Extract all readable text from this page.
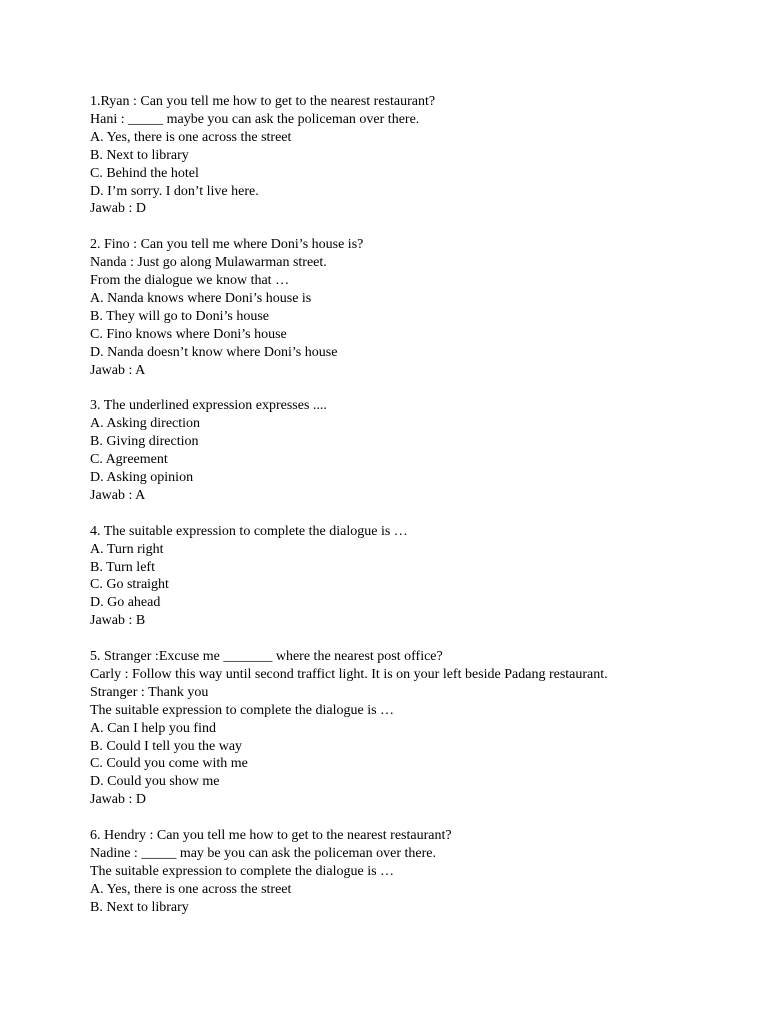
1.Ryan : Can you tell me how to get to the nearest restaurant?
Hani : _____ maybe you can ask the policeman over there.
A. Yes, there is one across the street
B. Next to library
C. Behind the hotel
D. I’m sorry. I don’t live here.
Jawab : D
2. Fino : Can you tell me where Doni’s house is?
Nanda : Just go along Mulawarman street.
From the dialogue we know that …
A. Nanda knows where Doni’s house is
B. They will go to Doni’s house
C. Fino knows where Doni’s house
D. Nanda doesn’t know where Doni’s house
Jawab : A
3. The underlined expression expresses ....
A. Asking direction
B. Giving direction
C. Agreement
D. Asking opinion
Jawab : A
4. The suitable expression to complete the dialogue is …
A. Turn right
B. Turn left
C. Go straight
D. Go ahead
Jawab : B
5. Stranger :Excuse me _______ where the nearest post office?
Carly : Follow this way until second traffict light. It is on your left beside Padang restaurant.
Stranger : Thank you
The suitable expression to complete the dialogue is …
A. Can I help you find
B. Could I tell you the way
C. Could you come with me
D. Could you show me
Jawab : D
6. Hendry : Can you tell me how to get to the nearest restaurant?
Nadine : _____ may be you can ask the policeman over there.
The suitable expression to complete the dialogue is …
A. Yes, there is one across the street
B. Next to library
